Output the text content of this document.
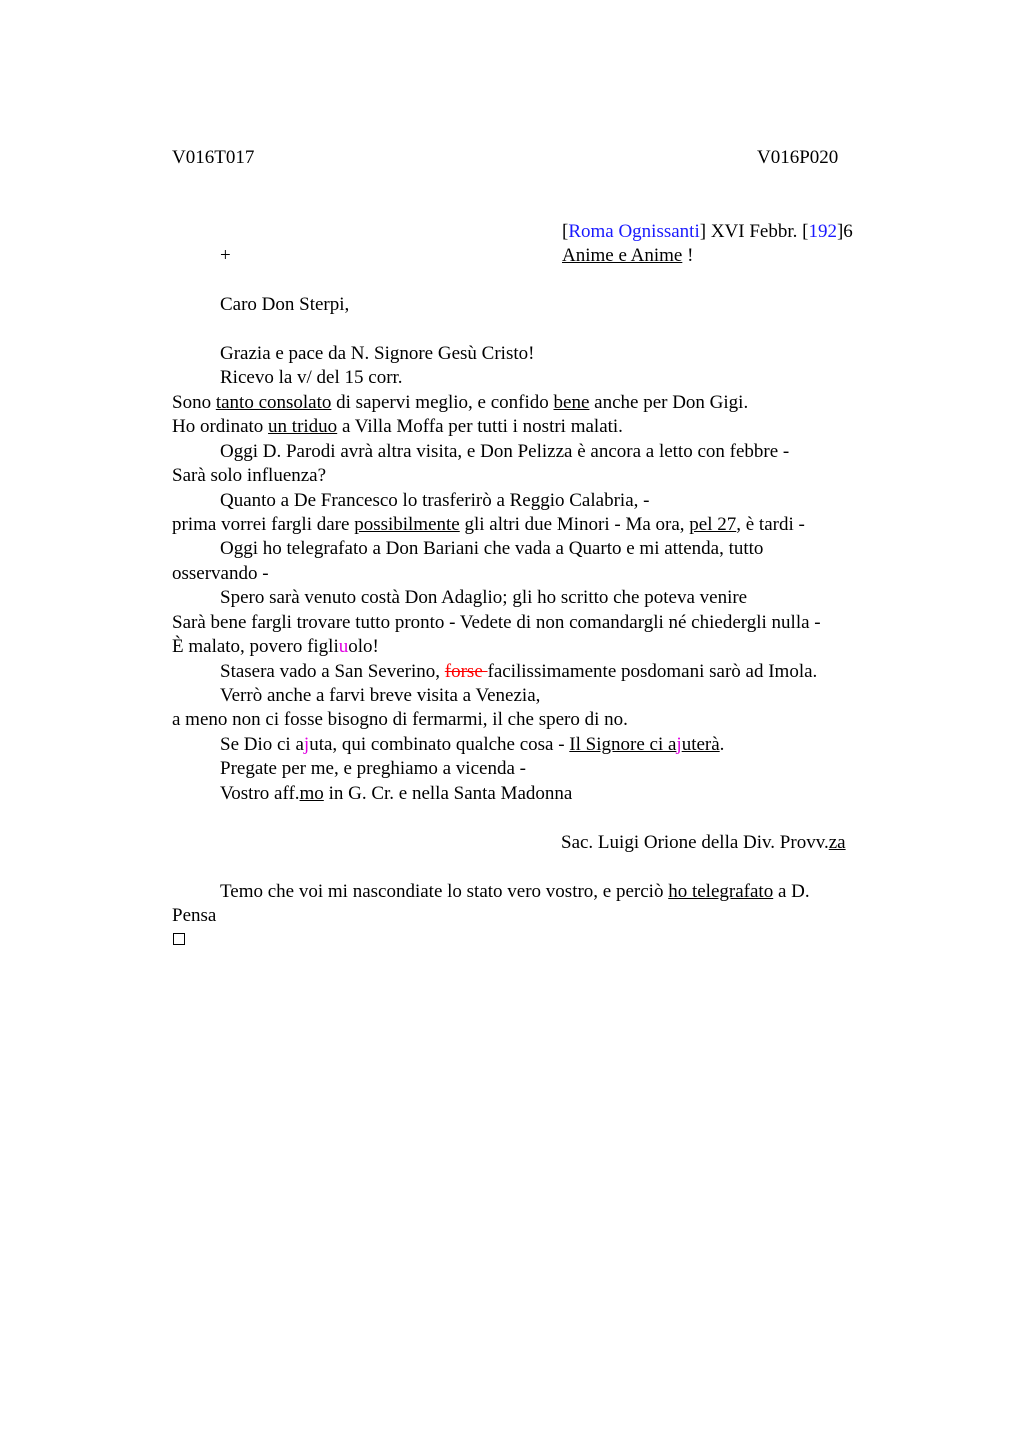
V016T017	V016P020
[Roma Ognissanti] XVI Febbr. [192]6
+	Anime e Anime !
Caro Don Sterpi,
Grazia e pace da N. Signore Gesù Cristo!
Ricevo la v/ del 15 corr.
Sono tanto consolato di sapervi meglio, e confido bene anche per Don Gigi.
Ho ordinato un triduo a Villa Moffa per tutti i nostri malati.
Oggi D. Parodi avrà altra visita, e Don Pelizza è ancora a letto con febbre -
Sarà solo influenza?
Quanto a De Francesco lo trasferirò a Reggio Calabria, -
prima vorrei fargli dare possibilmente gli altri due Minori - Ma ora, pel 27, è tardi -
Oggi ho telegrafato a Don Bariani che vada a Quarto e mi attenda, tutto
osservando -
Spero sarà venuto costà Don Adaglio; gli ho scritto che poteva venire
Sarà bene fargli trovare tutto pronto - Vedete di non comandargli né chiedergli nulla -
È malato, povero figliuolo!
Stasera vado a San Severino, forse facilissimamente posdomani sarò ad Imola.
Verrò anche a farvi breve visita a Venezia,
a meno non ci fosse bisogno di fermarmi, il che spero di no.
Se Dio ci ajuta, qui combinato qualche cosa - Il Signore ci ajuterà.
Pregate per me, e preghiamo a vicenda -
Vostro aff.mo in G. Cr. e nella Santa Madonna
Sac. Luigi Orione della Div. Provv.za
Temo che voi mi nascondiate lo stato vero vostro, e perciò ho telegrafato a D.
Pensa
